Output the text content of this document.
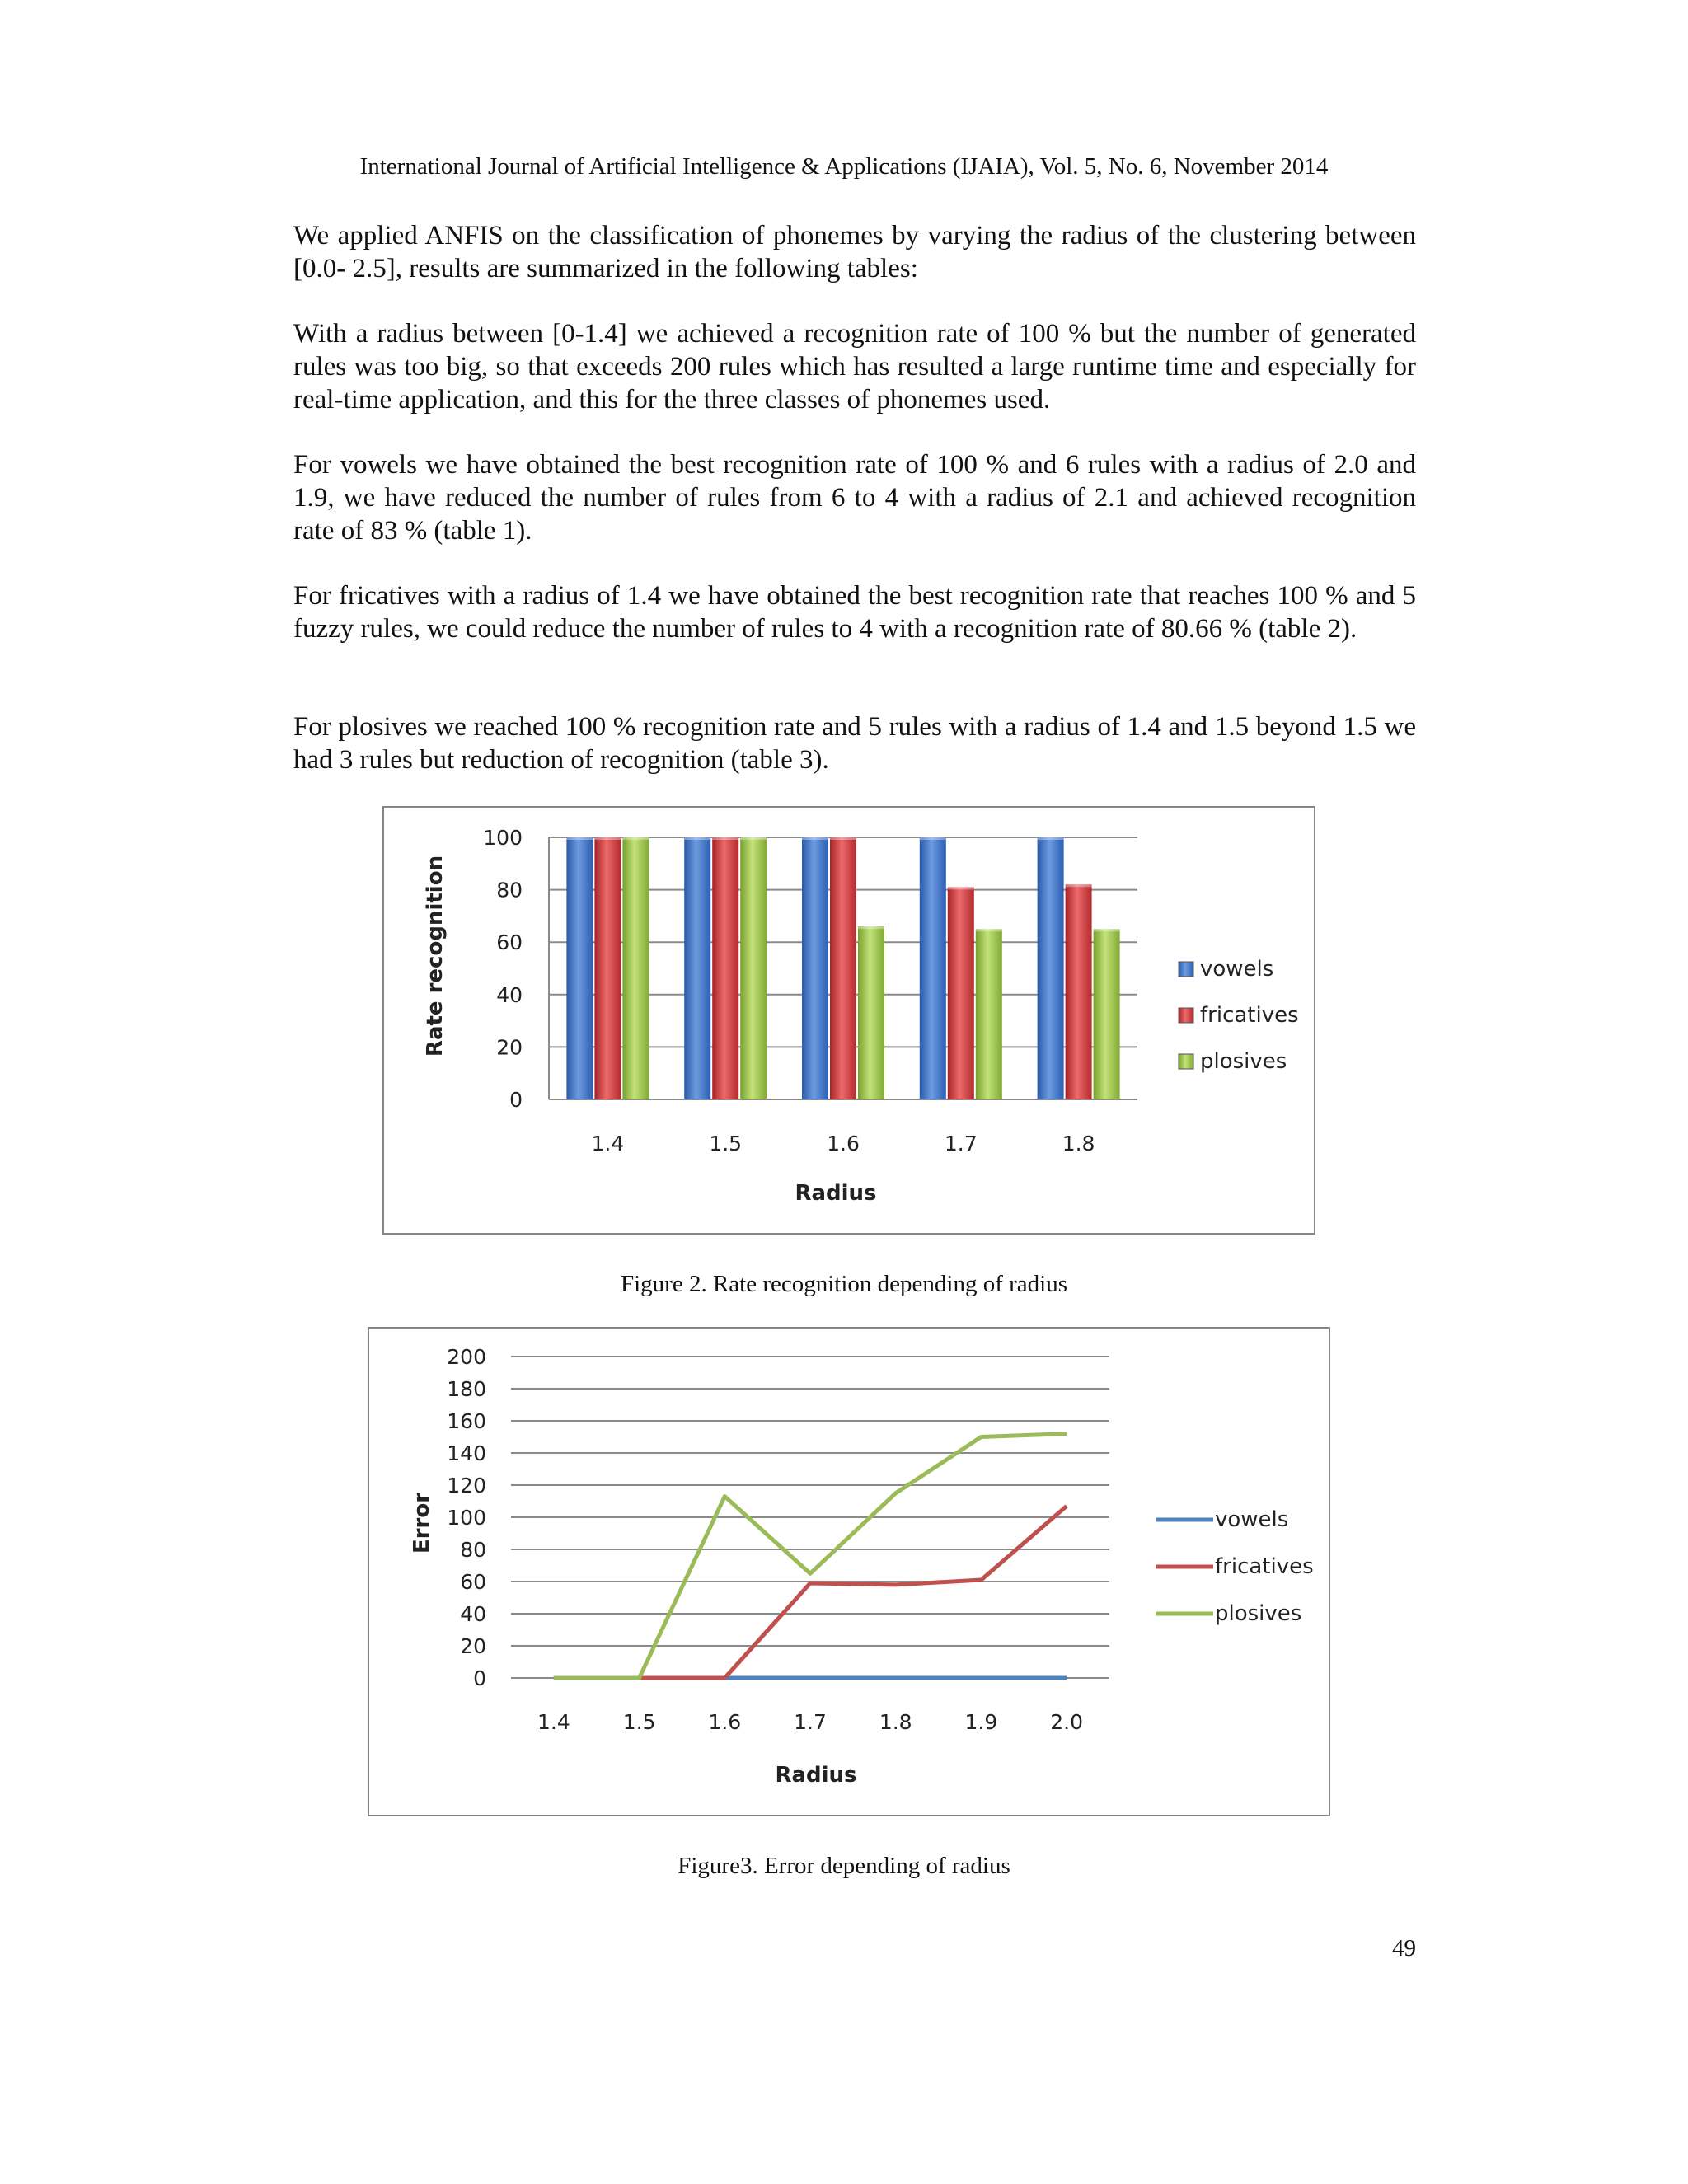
International Journal of Artificial Intelligence & Applications (IJAIA), Vol. 5, No. 6, November 2014

We applied ANFIS on the classification of phonemes by varying the radius of the clustering between [0.0- 2.5], results are summarized in the following tables:

With a radius between [0-1.4] we achieved a recognition rate of 100 % but the number of generated rules was too big, so that exceeds 200 rules which has resulted a large runtime time and especially for real-time application, and this for the three classes of phonemes used.

For vowels we have obtained the best recognition rate of 100 % and 6 rules with a radius of 2.0 and 1.9, we have reduced the number of rules from 6 to 4 with a radius of 2.1 and achieved recognition rate of 83 % (table 1).

For fricatives with a radius of 1.4 we have obtained the best recognition rate that reaches 100 % and 5 fuzzy rules, we could reduce the number of rules to 4 with a recognition rate of 80.66 % (table 2).

For plosives we reached 100 % recognition rate and 5 rules with a radius of 1.4 and 1.5 beyond 1.5 we had 3 rules but reduction of recognition (table 3).

0
20
40
60
80
100
1.4	1.5	1.6	1.7	1.8
Rate recognition
Radius
vowels
fricatives
plosives
Figure 2. Rate recognition depending of radius
0
20
40
60
80
100
120
140
160
180
200
1.4	1.5	1.6	1.7	1.8	1.9	2.0
Error
Radius
vowels
fricatives
plosives
Figure3. Error depending of radius
49
